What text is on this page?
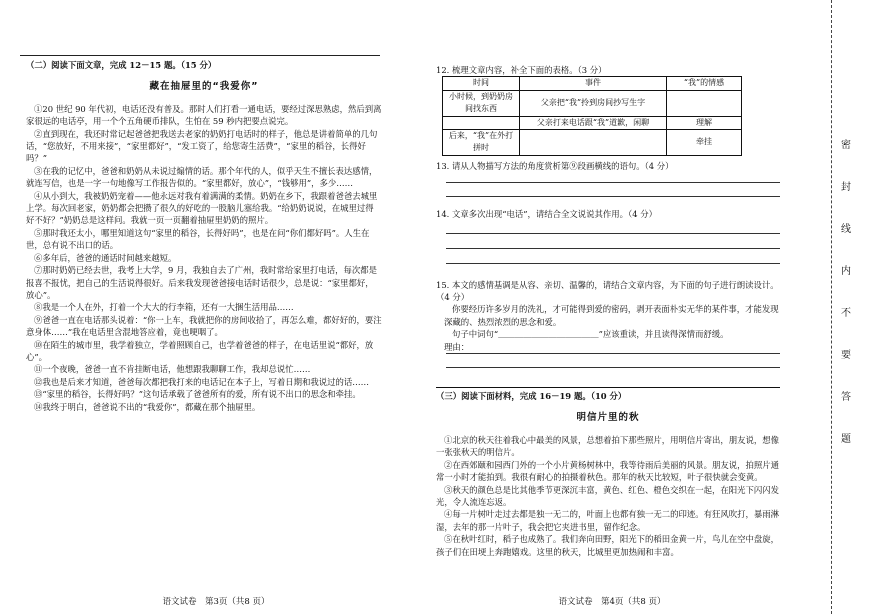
（二）阅读下面文章，完成 12－15 题。（15 分）

藏在抽屉里的“我爱你”

①20 世纪 90 年代初，电话还没有普及。那时人们打看一通电话，要经过深思熟虑，然后到离家很远的电话亭，用一个个五角硬币排队，生怕在 59 秒内把要点说完。

②直到现在，我还时常记起爸爸把我送去老家的奶奶打电话时的样子，他总是讲着简单的几句话，“您放好，不用来接”，“家里都好”，“发工资了，给您寄生活费”，“家里的稻谷，长得好吗？”

③在我的记忆中，爸爸和奶奶从未说过煽情的话。那个年代的人，似乎天生不擅长表达感情，就连写信，也是一字一句地像写工作报告似的。“家里都好，放心”，“钱够用”，多少……

④从小到大，我被奶奶宠着——他永远对我有着满满的柔情。奶奶在乡下，我跟着爸爸去城里上学。每次回老家，奶奶都会把攒了很久的好吃的一股脑儿塞给我。“给奶奶说说，在城里过得好不好？”奶奶总是这样问。我就一页一页翻着抽屉里奶奶的照片。

⑤那时我还太小，哪里知道这句“家里的稻谷，长得好吗”，也是在问“你们都好吗”。人生在世，总有说不出口的话。

⑥多年后，爸爸的通话时间越来越短。

⑦那时奶奶已经去世，我考上大学，9 月，我独自去了广州，我时常给家里打电话，每次都是报喜不报忧，把自己的生活说得很好。后来我发现爸爸接电话时话很少，总是说：“家里都好，放心”。

⑧我是一个人在外，打着一个大大的行李箱，还有一大捆生活用品……

⑨爸爸一直在电话那头说着：“你一上车，我就把你的房间收拾了，再怎么难，都好好的，要注意身体……”我在电话里含混地答应着，竟也哽咽了。

⑩在陌生的城市里，我学着独立，学着照顾自己，也学着爸爸的样子，在电话里说“都好，放心”。

⑪一个夜晚，爸爸一直不肯挂断电话，他想跟我聊聊工作，我却总说忙……

⑫我也是后来才知道，爸爸每次都把我打来的电话记在本子上，写着日期和我说过的话……

⑬“家里的稻谷，长得好吗？”这句话承载了爸爸所有的爱，所有说不出口的思念和牵挂。

⑭我终于明白，爸爸说不出的“我爱你”，都藏在那个抽屉里。

语文试卷　第3页（共8 页）

12. 梳理文章内容，补全下面的表格。（3 分）

时间	事件	“我”的情感
小时候，到奶奶房间找东西	父亲把“我”拎到房间抄写生字	
	父亲打来电话跟“我”道歉，闲聊	理解
后来，“我”在外打拼时		牵挂

13. 请从人物描写方法的角度赏析第⑨段画横线的语句。（4 分）

14. 文章多次出现“电话”，请结合全文说说其作用。（4 分）

15. 本文的感情基调是从容、亲切、温馨的，请结合文章内容，为下面的句子进行朗读设计。（4 分）

你要经历许多岁月的洗礼，才可能得到爱的密码，剥开表面朴实无华的某件事，才能发现深藏的、热烈浓烈的思念和爱。

句子中词句“＿＿＿＿＿＿＿＿＿＿＿＿”应该重读，并且读得深情而舒缓。

理由：

（三）阅读下面材料，完成 16－19 题。（10 分）

明信片里的秋

①北京的秋天往着我心中最美的风景，总想着拍下那些照片，用明信片寄出，朋友说，想像一张张秋天的明信片。

②在西郊颐和园西门外的一个小片黄杨树林中，我等待雨后美丽的风景。朋友说，拍照片通常一小时才能拍到。我很有耐心的拍摄着秋色。那年的秋天比较短，叶子很快就会变黄。

③秋天的颜色总是比其他季节更深沉丰富，黄色、红色、橙色交织在一起，在阳光下闪闪发光，令人流连忘返。

④每一片树叶走过去都是独一无二的，叶面上也都有独一无二的印迹。有狂风吹打，暴雨淋湿，去年的那一片叶子，我会把它夹进书里，留作纪念。

⑤在秋叶红时，稻子也成熟了。我们奔向田野，阳光下的稻田金黄一片，鸟儿在空中盘旋，孩子们在田埂上奔跑嬉戏。这里的秋天，比城里更加热闹和丰富。

语文试卷　第4页（共8 页）
密
封
线
内
不
要
答
题
